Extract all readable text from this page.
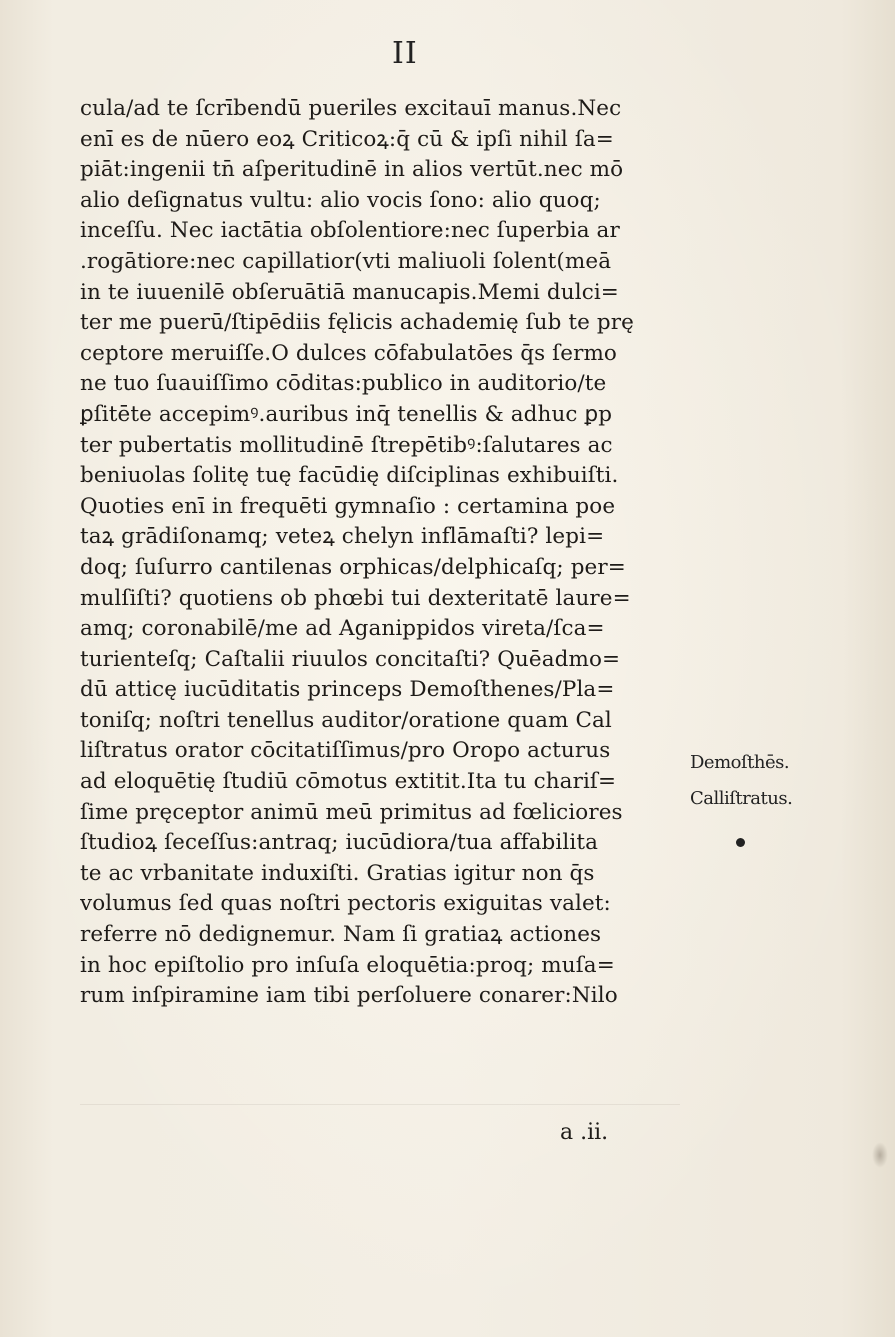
II
cula/ad te ſcrībendū pueriles excitauī manus.Nec
enī es de nūero eoꝝ Criticoꝝ:q̄ cū & ipſi nihil ſa=
piāt:ingenii tn̄ aſperitudinē in alios vertūt.nec mō
alio deſignatus vultu: alio vocis ſono: alio quoq;
inceſſu. Nec iactātia obſolentiore:nec ſuperbia ar
.rogātiore:nec capillatior(vti maliuoli ſolent(meā
in te iuuenilē obſeruātiā manucapis.Memi dulci=
ter me puerū/ſtipēdiis fęlicis achademię ſub te prę
ceptore meruiſſe.O dulces cōfabulatōes q̄s ſermo
ne tuo ſuauiſſimo cōditas:publico in auditorio/te
ꝑſitēte accepimꝰ.auribus inq̄ tenellis & adhuc ꝑp
ter pubertatis mollitudinē ſtrepētibꝰ:ſalutares ac
beniuolas ſolitę tuę facūdię diſciplinas exhibuiſti.
Quoties enī in frequēti gymnaſio : certamina poe
taꝝ grādiſonamq; veteꝝ chelyn inflāmaſti? lepi=
doq; ſuſurro cantilenas orphicas/delphicaſq; per=
mulſiſti? quotiens ob phœbi tui dexteritatē laure=
amq; coronabilē/me ad Aganippidos vireta/ſca=
turienteſq; Caſtalii riuulos concitaſti? Quēadmo=
dū atticę iucūditatis princeps Demoſthenes/Pla=
toniſq; noſtri tenellus auditor/oratione quam Cal
liſtratus orator cōcitatiſſimus/pro Oropo acturus
ad eloquētię ſtudiū cōmotus extitit.Ita tu chariſ=
ſime pręceptor animū meū primitus ad fœliciores
ſtudioꝝ ſeceſſus:antraq; iucūdiora/tua affabilita
te ac vrbanitate induxiſti. Gratias igitur non q̄s
volumus ſed quas noſtri pectoris exiguitas valet:
referre nō dedignemur. Nam ſi gratiaꝝ actiones
in hoc epiſtolio pro inſuſa eloquētia:proq; muſa=
rum inſpiramine iam tibi perſoluere conarer:Nilo
Demoſthēs.
Calliſtratus.
a .ii.
